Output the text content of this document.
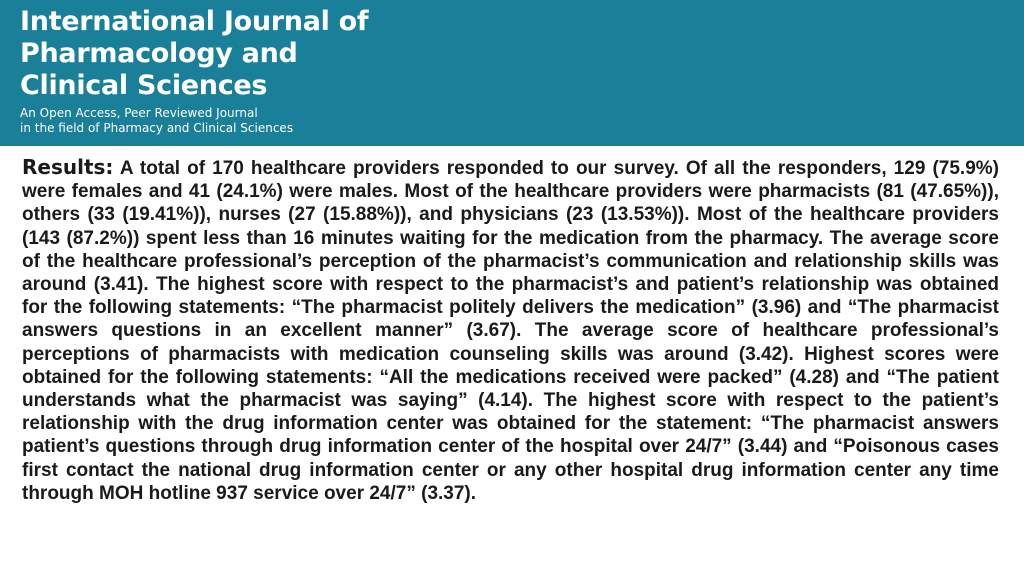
International Journal of
Pharmacology and
Clinical Sciences

An Open Access, Peer Reviewed Journal
in the field of Pharmacy and Clinical Sciences

Results: A total of 170 healthcare providers responded to our survey. Of all the responders, 129 (75.9%) were females and 41 (24.1%) were males. Most of the healthcare providers were pharmacists (81 (47.65%)), others (33 (19.41%)), nurses (27 (15.88%)), and physicians (23 (13.53%)). Most of the healthcare providers (143 (87.2%)) spent less than 16 minutes waiting for the medication from the pharmacy. The average score of the healthcare professional’s perception of the pharmacist’s communication and relationship skills was around (3.41). The highest score with respect to the pharmacist’s and patient’s relationship was obtained for the following statements: “The pharmacist politely delivers the medication” (3.96) and “The pharmacist answers questions in an excellent manner” (3.67). The average score of healthcare professional’s perceptions of pharmacists with medication counseling skills was around (3.42). Highest scores were obtained for the following statements: “All the medications received were packed” (4.28) and “The patient understands what the pharmacist was saying” (4.14). The highest score with respect to the patient’s relationship with the drug information center was obtained for the statement: “The pharmacist answers patient’s questions through drug information center of the hospital over 24/7” (3.44) and “Poisonous cases first contact the national drug information center or any other hospital drug information center any time through MOH hotline 937 service over 24/7” (3.37).
